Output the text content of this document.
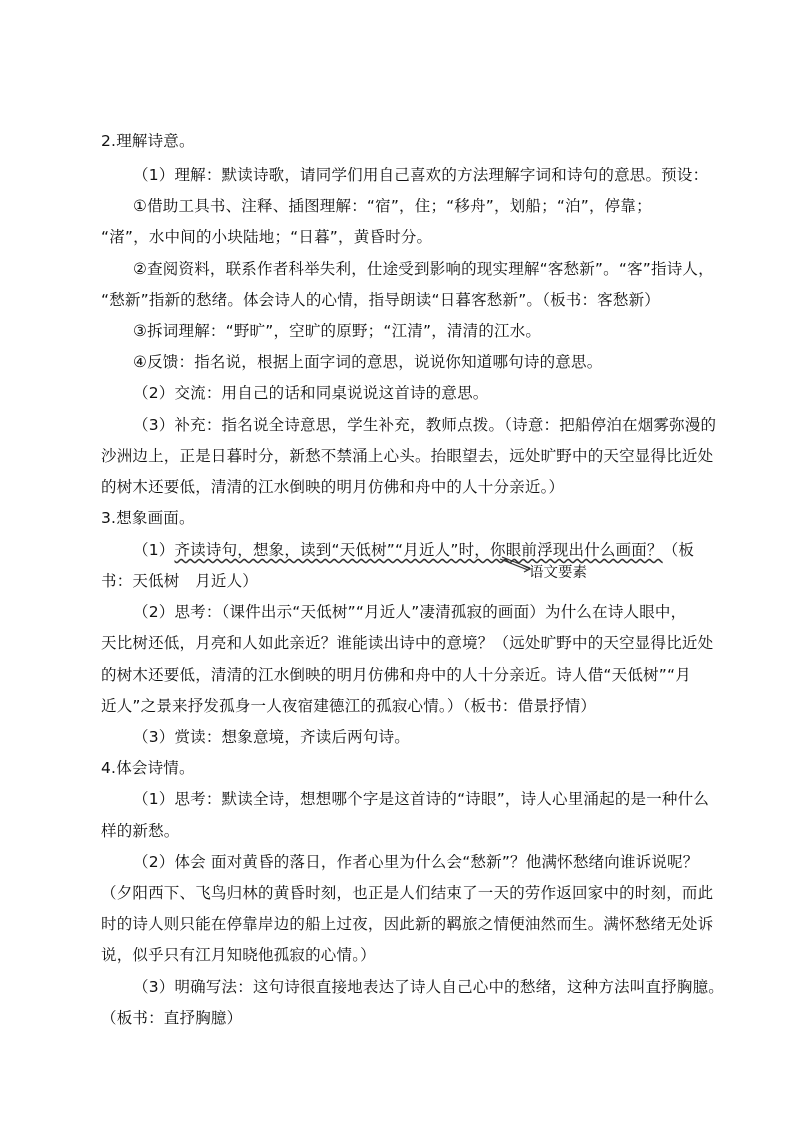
2.理解诗意。
（1）理解：默读诗歌，请同学们用自己喜欢的方法理解字词和诗句的意思。预设：
①借助工具书、注释、插图理解：“宿”，住；“移舟”，划船；“泊”，停靠；
“渚”，水中间的小块陆地；“日暮”，黄昏时分。
②查阅资料，联系作者科举失利，仕途受到影响的现实理解“客愁新”。“客”指诗人，
“愁新”指新的愁绪。体会诗人的心情，指导朗读“日暮客愁新”。（板书：客愁新）
③拆词理解：“野旷”，空旷的原野；“江清”，清清的江水。
④反馈：指名说，根据上面字词的意思，说说你知道哪句诗的意思。
（2）交流：用自己的话和同桌说说这首诗的意思。
（3）补充：指名说全诗意思，学生补充，教师点拨。（诗意：把船停泊在烟雾弥漫的
沙洲边上，正是日暮时分，新愁不禁涌上心头。抬眼望去，远处旷野中的天空显得比近处
的树木还要低，清清的江水倒映的明月仿佛和舟中的人十分亲近。）
3.想象画面。
（1）齐读诗句，想象，读到“天低树”“月近人”时，你眼前浮现出什么画面？（板
语文要素
书：天低树　月近人）
（2）思考：（课件出示“天低树”“月近人”凄清孤寂的画面）为什么在诗人眼中，
天比树还低，月亮和人如此亲近？谁能读出诗中的意境？（远处旷野中的天空显得比近处
的树木还要低，清清的江水倒映的明月仿佛和舟中的人十分亲近。诗人借“天低树”“月
近人”之景来抒发孤身一人夜宿建德江的孤寂心情。）（板书：借景抒情）
（3）赏读：想象意境，齐读后两句诗。
4.体会诗情。
（1）思考：默读全诗，想想哪个字是这首诗的“诗眼”，诗人心里涌起的是一种什么
样的新愁。
（2）体会 面对黄昏的落日，作者心里为什么会“愁新”？他满怀愁绪向谁诉说呢？
（夕阳西下、飞鸟归林的黄昏时刻，也正是人们结束了一天的劳作返回家中的时刻，而此
时的诗人则只能在停靠岸边的船上过夜，因此新的羁旅之情便油然而生。满怀愁绪无处诉
说，似乎只有江月知晓他孤寂的心情。）
（3）明确写法：这句诗很直接地表达了诗人自己心中的愁绪，这种方法叫直抒胸臆。
（板书：直抒胸臆）
